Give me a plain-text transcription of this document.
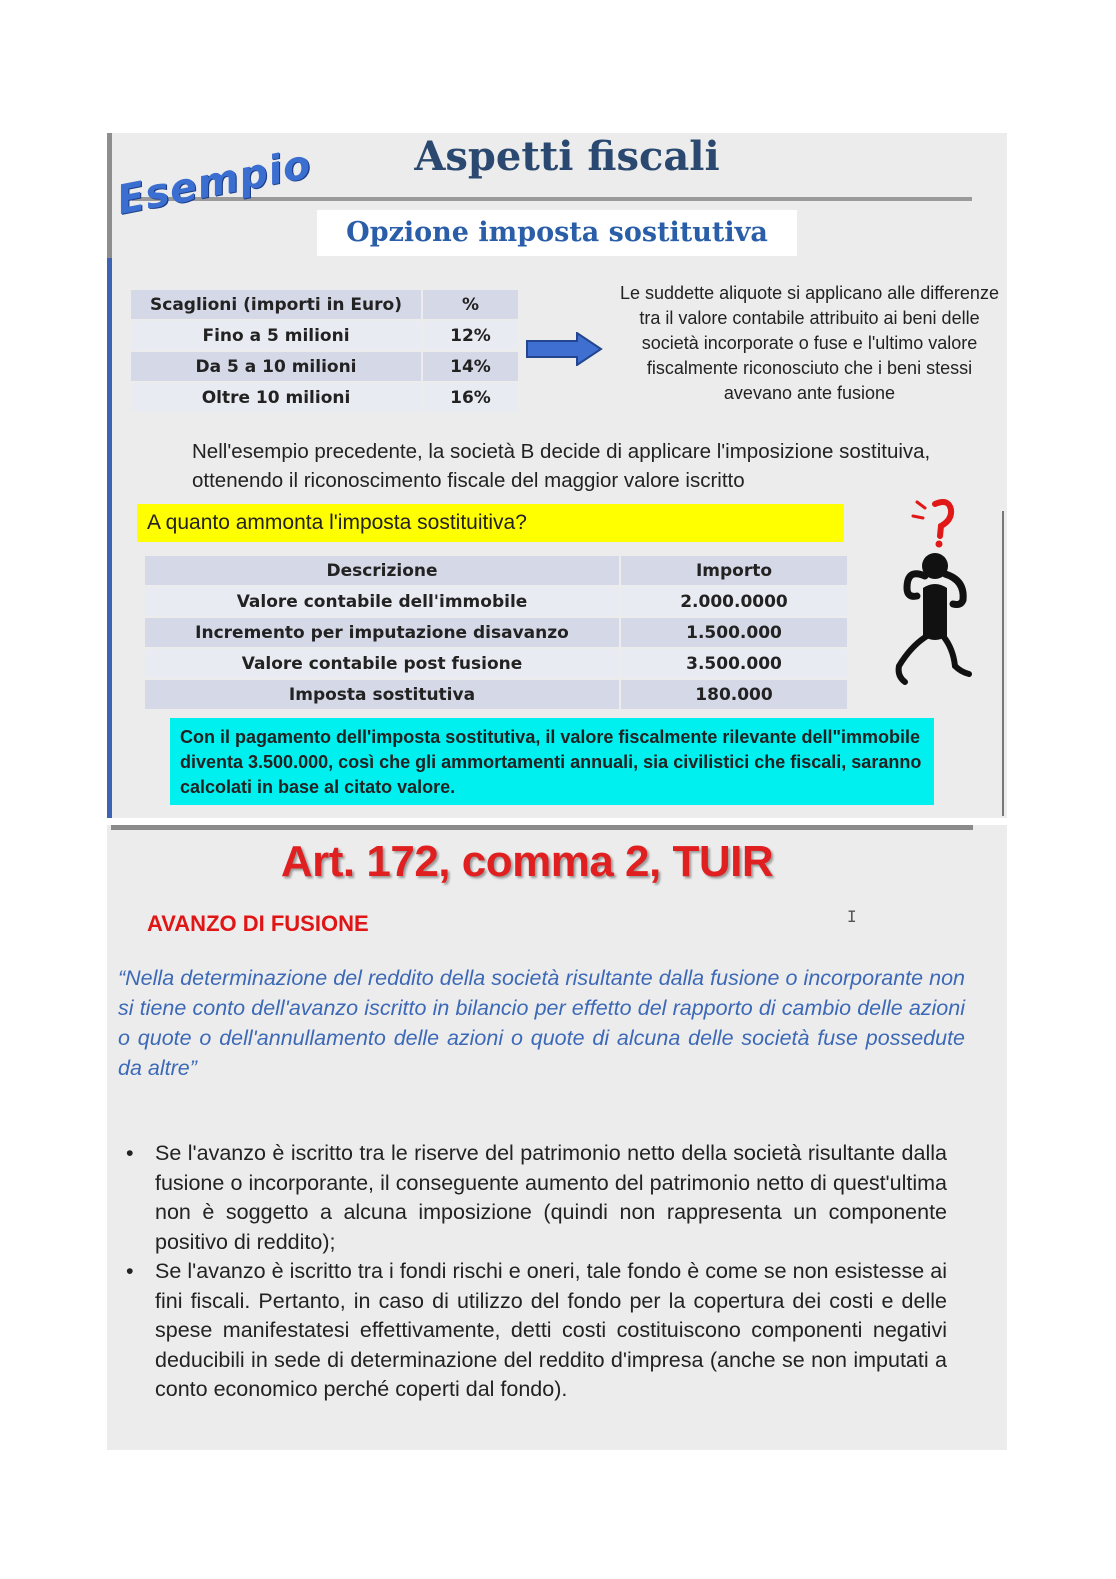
Aspetti fiscali
Esempio
Opzione imposta sostitutiva
Scaglioni (importi in Euro)	%
Fino a 5 milioni	12%
Da 5 a 10 milioni	14%
Oltre 10 milioni	16%
Le suddette aliquote si applicano alle differenze tra il valore contabile attribuito ai beni delle società incorporate o fuse e l'ultimo valore fiscalmente riconosciuto che i beni stessi avevano ante fusione
Nell'esempio precedente, la società B decide di applicare l'imposizione sostituiva, ottenendo il riconoscimento fiscale del maggior valore iscritto
A quanto ammonta l'imposta sostituitiva?
Descrizione	Importo
Valore contabile dell'immobile	2.000.0000
Incremento per imputazione disavanzo	1.500.000
Valore contabile post fusione	3.500.000
Imposta sostitutiva	180.000
Con il pagamento dell'imposta sostitutiva, il valore fiscalmente rilevante dell"immobile diventa 3.500.000, così che gli ammortamenti annuali, sia civilistici che fiscali, saranno calcolati in base al citato valore.
Art. 172, comma 2, TUIR
AVANZO DI FUSIONE	I
“Nella determinazione del reddito della società risultante dalla fusione o incorporante non si tiene conto dell'avanzo iscritto in bilancio per effetto del rapporto di cambio delle azioni o quote o dell'annullamento delle azioni o quote di alcuna delle società fuse possedute da altre”
• Se l'avanzo è iscritto tra le riserve del patrimonio netto della società risultante dalla fusione o incorporante, il conseguente aumento del patrimonio netto di quest'ultima non è soggetto a alcuna imposizione (quindi non rappresenta un componente positivo di reddito);
• Se l'avanzo è iscritto tra i fondi rischi e oneri, tale fondo è come se non esistesse ai fini fiscali. Pertanto, in caso di utilizzo del fondo per la copertura dei costi e delle spese manifestatesi effettivamente, detti costi costituiscono componenti negativi deducibili in sede di determinazione del reddito d'impresa (anche se non imputati a conto economico perché coperti dal fondo).
